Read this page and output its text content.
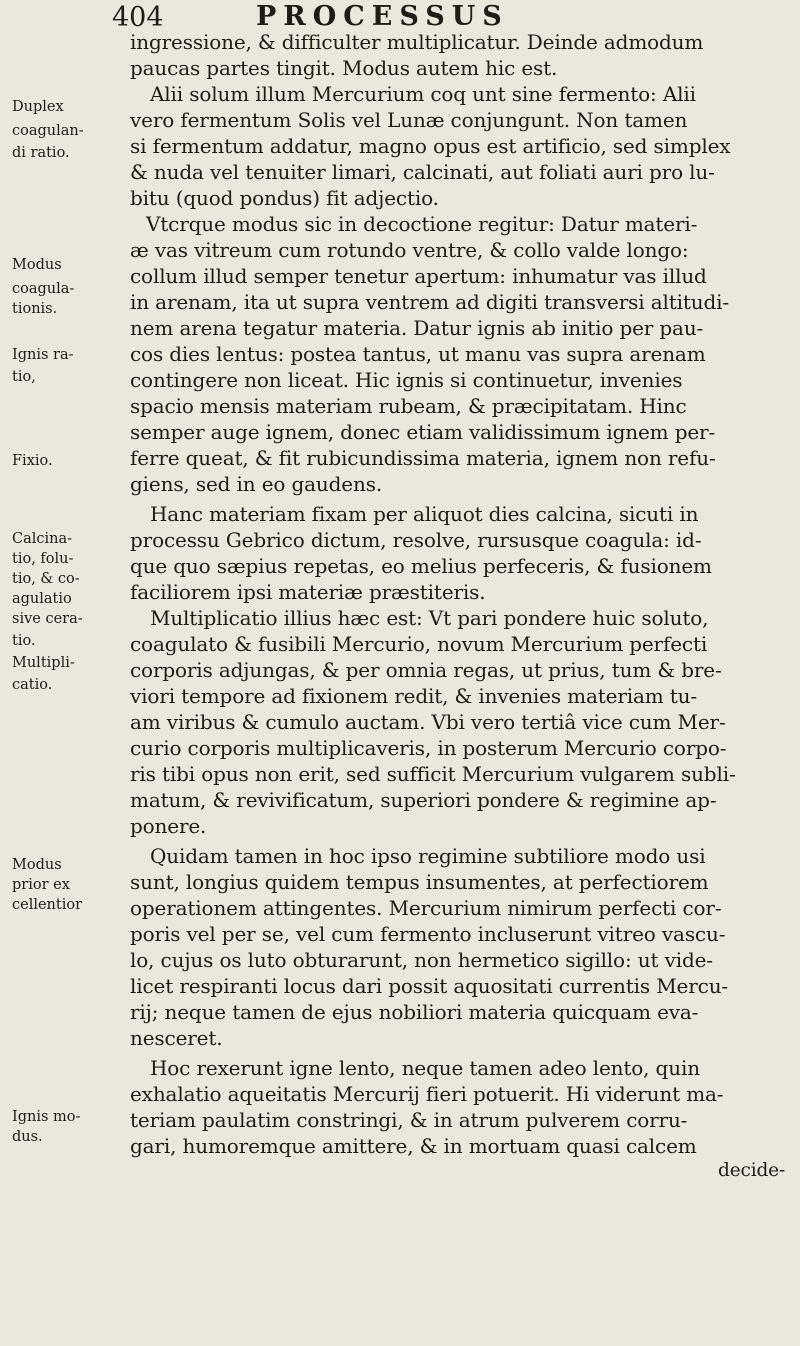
404	PROCESSUS
Duplex
coagulan-
di ratio.
Modus
coagula-
tionis.
Ignis ra-
tio,
Fixio.
Calcina-
tio, folu-
tio, & co-
agulatio
sive cera-
tio.
Multipli-
catio.
Modus
prior ex
cellentior
Ignis mo-
dus.
ingressione, & difficulter multiplicatur. Deinde admodum
paucas partes tingit. Modus autem hic est.
Alii solum illum Mercurium coq unt sine fermento: Alii
vero fermentum Solis vel Lunæ conjungunt. Non tamen
si fermentum addatur, magno opus est artificio, sed simplex
& nuda vel tenuiter limari, calcinati, aut foliati auri pro lu-
bitu (quod pondus) fit adjectio.
Vtcrque modus sic in decoctione regitur: Datur materi-
æ vas vitreum cum rotundo ventre, & collo valde longo:
collum illud semper tenetur apertum: inhumatur vas illud
in arenam, ita ut supra ventrem ad digiti transversi altitudi-
nem arena tegatur materia. Datur ignis ab initio per pau-
cos dies lentus: postea tantus, ut manu vas supra arenam
contingere non liceat. Hic ignis si continuetur, invenies
spacio mensis materiam rubeam, & præcipitatam. Hinc
semper auge ignem, donec etiam validissimum ignem per-
ferre queat, & fit rubicundissima materia, ignem non refu-
giens, sed in eo gaudens.
Hanc materiam fixam per aliquot dies calcina, sicuti in
processu Gebrico dictum, resolve, rursusque coagula: id-
que quo sæpius repetas, eo melius perfeceris, & fusionem
faciliorem ipsi materiæ præstiteris.
Multiplicatio illius hæc est: Vt pari pondere huic soluto,
coagulato & fusibili Mercurio, novum Mercurium perfecti
corporis adjungas, & per omnia regas, ut prius, tum & bre-
viori tempore ad fixionem redit, & invenies materiam tu-
am viribus & cumulo auctam. Vbi vero tertiâ vice cum Mer-
curio corporis multiplicaveris, in posterum Mercurio corpo-
ris tibi opus non erit, sed sufficit Mercurium vulgarem subli-
matum, & revivificatum, superiori pondere & regimine ap-
ponere.
Quidam tamen in hoc ipso regimine subtiliore modo usi
sunt, longius quidem tempus insumentes, at perfectiorem
operationem attingentes. Mercurium nimirum perfecti cor-
poris vel per se, vel cum fermento incluserunt vitreo vascu-
lo, cujus os luto obturarunt, non hermetico sigillo: ut vide-
licet respiranti locus dari possit aquositati currentis Mercu-
rij; neque tamen de ejus nobiliori materia quicquam eva-
nesceret.
Hoc rexerunt igne lento, neque tamen adeo lento, quin
exhalatio aqueitatis Mercurij fieri potuerit. Hi viderunt ma-
teriam paulatim constringi, & in atrum pulverem corru-
gari, humoremque amittere, & in mortuam quasi calcem
decide-
